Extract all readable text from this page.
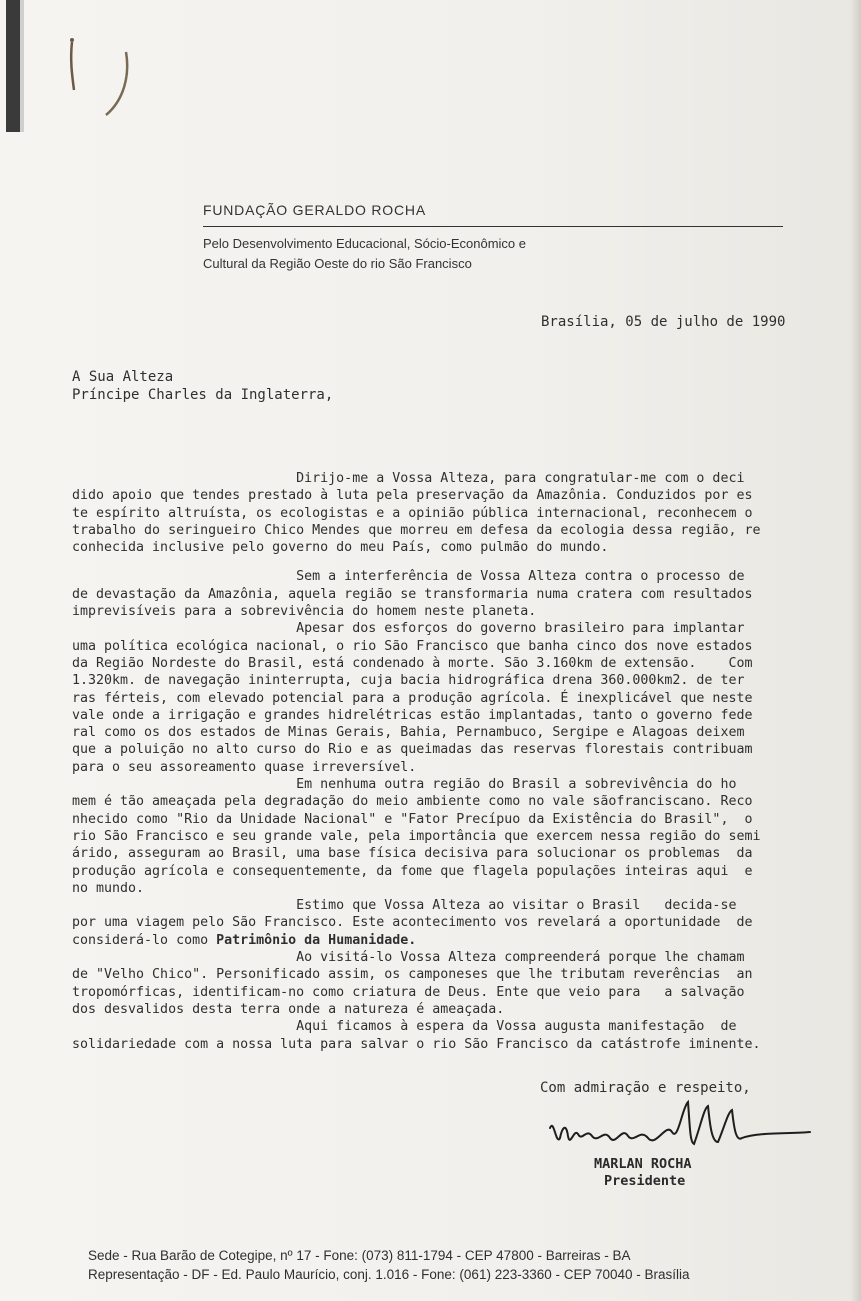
FUNDAÇÃO GERALDO ROCHA
Pelo Desenvolvimento Educacional, Sócio-Econômico e
Cultural da Região Oeste do rio São Francisco
Brasília, 05 de julho de 1990
A Sua Alteza
Príncipe Charles da Inglaterra,

Dirijo-me a Vossa Alteza, para congratular-me com o deci

dido apoio que tendes prestado à luta pela preservação da Amazônia. Conduzidos por es

te espírito altruísta, os ecologistas e a opinião pública internacional, reconhecem o

trabalho do seringueiro Chico Mendes que morreu em defesa da ecologia dessa região, re

conhecida inclusive pelo governo do meu País, como pulmão do mundo.

Sem a interferência de Vossa Alteza contra o processo de

de devastação da Amazônia, aquela região se transformaria numa cratera com resultados

imprevisíveis para a sobrevivência do homem neste planeta.

Apesar dos esforços do governo brasileiro para implantar

uma política ecológica nacional, o rio São Francisco que banha cinco dos nove estados

da Região Nordeste do Brasil, está condenado à morte. São 3.160km de extensão.    Com

1.320km. de navegação ininterrupta, cuja bacia hidrográfica drena 360.000km2. de ter

ras férteis, com elevado potencial para a produção agrícola. É inexplicável que neste

vale onde a irrigação e grandes hidrelétricas estão implantadas, tanto o governo fede

ral como os dos estados de Minas Gerais, Bahia, Pernambuco, Sergipe e Alagoas deixem

que a poluição no alto curso do Rio e as queimadas das reservas florestais contribuam

para o seu assoreamento quase irreversível.

Em nenhuma outra região do Brasil a sobrevivência do ho

mem é tão ameaçada pela degradação do meio ambiente como no vale sãofranciscano. Reco

nhecido como "Rio da Unidade Nacional" e "Fator Precípuo da Existência do Brasil",  o

rio São Francisco e seu grande vale, pela importância que exercem nessa região do semi

árido, asseguram ao Brasil, uma base física decisiva para solucionar os problemas  da

produção agrícola e consequentemente, da fome que flagela populações inteiras aqui  e

no mundo.

Estimo que Vossa Alteza ao visitar o Brasil   decida-se

por uma viagem pelo São Francisco. Este acontecimento vos revelará a oportunidade  de

considerá-lo como Patrimônio da Humanidade.

Ao visitá-lo Vossa Alteza compreenderá porque lhe chamam

de "Velho Chico". Personificado assim, os camponeses que lhe tributam reverências  an

tropomórficas, identificam-no como criatura de Deus. Ente que veio para   a salvação

dos desvalidos desta terra onde a natureza é ameaçada.

Aqui ficamos à espera da Vossa augusta manifestação  de

solidariedade com a nossa luta para salvar o rio São Francisco da catástrofe iminente.

Com admiração e respeito,
MARLAN ROCHA
Presidente
Sede - Rua Barão de Cotegipe, nº 17 - Fone: (073) 811-1794 - CEP 47800 - Barreiras - BA
Representação - DF - Ed. Paulo Maurício, conj. 1.016 - Fone: (061) 223-3360 - CEP 70040 - Brasília
